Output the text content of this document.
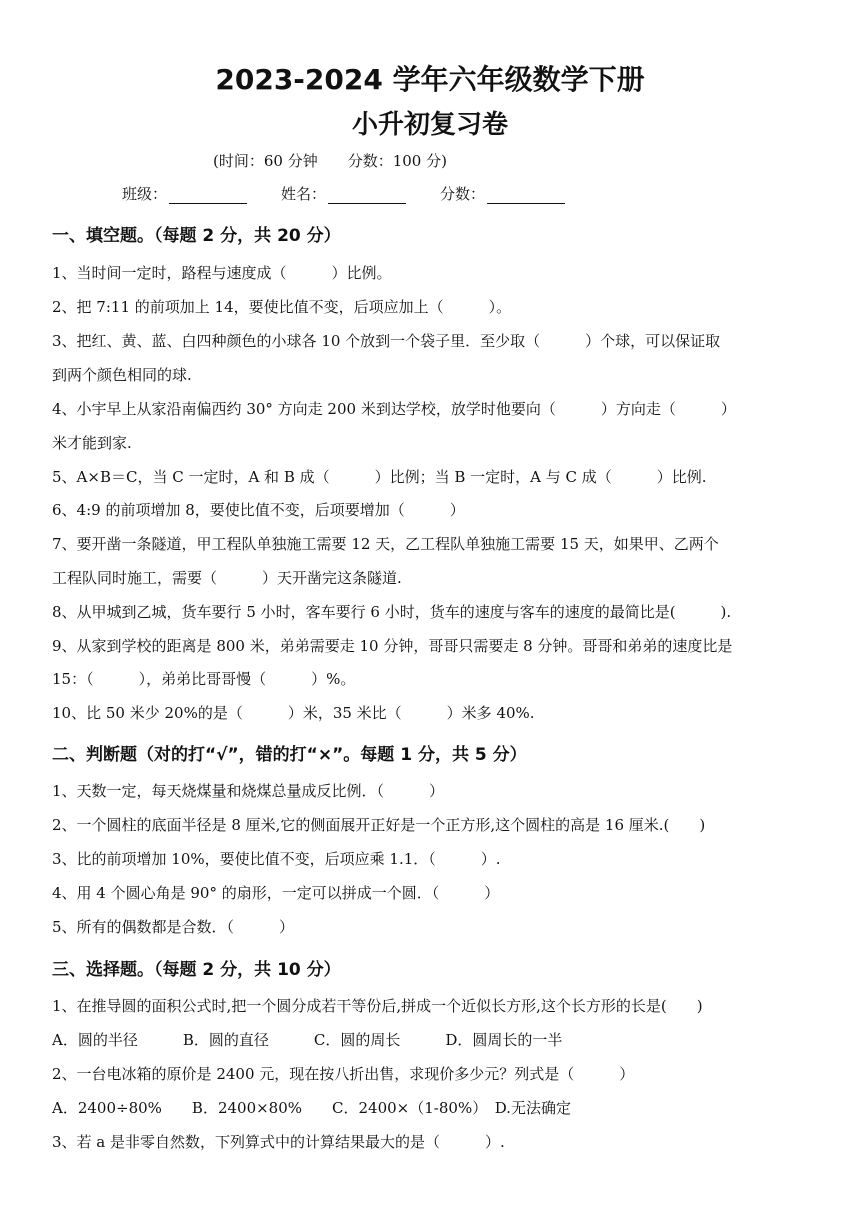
2023-2024 学年六年级数学下册
小升初复习卷
(时间：60 分钟　　分数：100 分)
班级：	姓名：	分数：
一、填空题。（每题 2 分，共 20 分）

1、当时间一定时，路程与速度成（　　　）比例。

2、把 7:11 的前项加上 14，要使比值不变，后项应加上（　　　）。

3、把红、黄、蓝、白四种颜色的小球各 10 个放到一个袋子里．至少取（　　　）个球，可以保证取

到两个颜色相同的球.

4、小宇早上从家沿南偏西约 30° 方向走 200 米到达学校，放学时他要向（　　　）方向走（　　　）

米才能到家.

5、A×B＝C，当 C 一定时，A 和 B 成（　　　）比例；当 B 一定时，A 与 C 成（　　　）比例.

6、4:9 的前项增加 8，要使比值不变，后项要增加（　　　）

7、要开凿一条隧道，甲工程队单独施工需要 12 天，乙工程队单独施工需要 15 天，如果甲、乙两个

工程队同时施工，需要（　　　）天开凿完这条隧道.

8、从甲城到乙城，货车要行 5 小时，客车要行 6 小时，货车的速度与客车的速度的最简比是(　　　).

9、从家到学校的距离是 800 米，弟弟需要走 10 分钟，哥哥只需要走 8 分钟。哥哥和弟弟的速度比是

15：（　　　），弟弟比哥哥慢（　　　）%。

10、比 50 米少 20%的是（　　　）米，35 米比（　　　）米多 40%.

二、判断题（对的打“√”，错的打“×”。每题 1 分，共 5 分）

1、天数一定，每天烧煤量和烧煤总量成反比例．（　　　）

2、一个圆柱的底面半径是 8 厘米,它的侧面展开正好是一个正方形,这个圆柱的高是 16 厘米.(　　)

3、比的前项增加 10%，要使比值不变，后项应乘 1.1．（　　　）.

4、用 4 个圆心角是 90° 的扇形，一定可以拼成一个圆．（　　　）

5、所有的偶数都是合数．（　　　）

三、选择题。（每题 2 分，共 10 分）

1、在推导圆的面积公式时,把一个圆分成若干等份后,拼成一个近似长方形,这个长方形的长是(　　)

A．圆的半径　　　B．圆的直径　　　C．圆的周长　　　D．圆周长的一半

2、一台电冰箱的原价是 2400 元，现在按八折出售，求现价多少元？列式是（　　　）

A．2400÷80%　　B．2400×80%　　C．2400×（1-80%）　D.无法确定

3、若 a 是非零自然数，下列算式中的计算结果最大的是（　　　）.
